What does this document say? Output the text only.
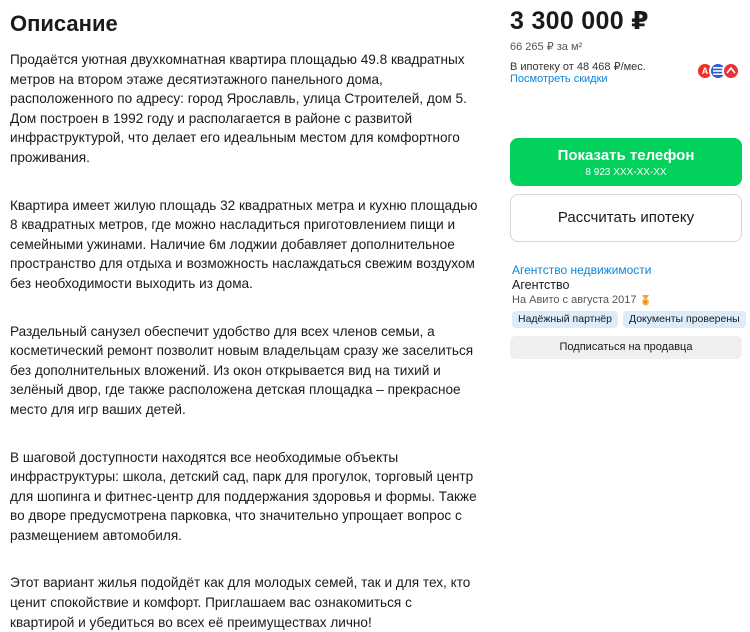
Описание

Продаётся уютная двухкомнатная квартира площадью 49.8 квадратных метров на втором этаже десятиэтажного панельного дома, расположенного по адресу: город Ярославль, улица Строителей, дом 5. Дом построен в 1992 году и располагается в районе с развитой инфраструктурой, что делает его идеальным местом для комфортного проживания.

Квартира имеет жилую площадь 32 квадратных метра и кухню площадью 8 квадратных метров, где можно насладиться приготовлением пищи и семейными ужинами. Наличие 6м лоджии добавляет дополнительное пространство для отдыха и возможность наслаждаться свежим воздухом без необходимости выходить из дома.

Раздельный санузел обеспечит удобство для всех членов семьи, а косметический ремонт позволит новым владельцам сразу же заселиться без дополнительных вложений. Из окон открывается вид на тихий и зелёный двор, где также расположена детская площадка – прекрасное место для игр ваших детей.

В шаговой доступности находятся все необходимые объекты инфраструктуры: школа, детский сад, парк для прогулок, торговый центр для шопинга и фитнес-центр для поддержания здоровья и формы. Также во дворе предусмотрена парковка, что значительно упрощает вопрос с размещением автомобиля.

Этот вариант жилья подойдёт как для молодых семей, так и для тех, кто ценит спокойствие и комфорт. Приглашаем вас ознакомиться с квартирой и убедиться во всех её преимуществах лично!

3 300 000 ₽
66 265 ₽ за м²
В ипотеку от 48 468 ₽/мес.
Посмотреть скидки
А
Показать телефон
8 923 XXX-XX-XX
Рассчитать ипотеку
Агентство недвижимости
Агентство
На Авито с августа 2017
Надёжный партнёр	Документы проверены
Подписаться на продавца
